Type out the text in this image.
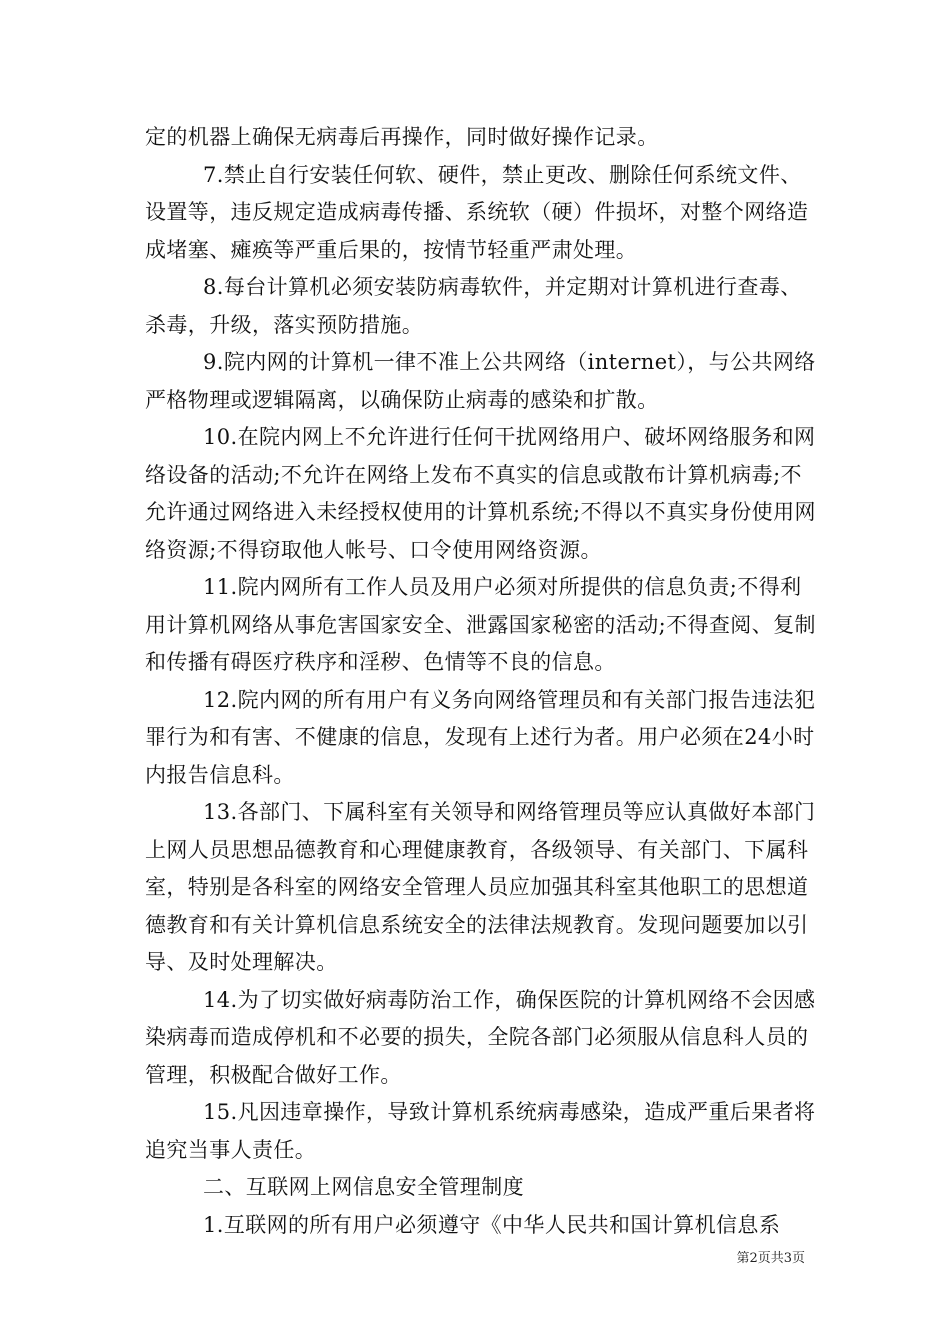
定的机器上确保无病毒后再操作，同时做好操作记录。

7.禁止自行安装任何软、硬件，禁止更改、删除任何系统文件、设置等，违反规定造成病毒传播、系统软（硬）件损坏，对整个网络造成堵塞、瘫痪等严重后果的，按情节轻重严肃处理。

8.每台计算机必须安装防病毒软件，并定期对计算机进行查毒、杀毒，升级，落实预防措施。

9.院内网的计算机一律不准上公共网络（internet），与公共网络严格物理或逻辑隔离，以确保防止病毒的感染和扩散。

10.在院内网上不允许进行任何干扰网络用户、破坏网络服务和网络设备的活动;不允许在网络上发布不真实的信息或散布计算机病毒;不允许通过网络进入未经授权使用的计算机系统;不得以不真实身份使用网络资源;不得窃取他人帐号、口令使用网络资源。

11.院内网所有工作人员及用户必须对所提供的信息负责;不得利用计算机网络从事危害国家安全、泄露国家秘密的活动;不得查阅、复制和传播有碍医疗秩序和淫秽、色情等不良的信息。

12.院内网的所有用户有义务向网络管理员和有关部门报告违法犯罪行为和有害、不健康的信息，发现有上述行为者。用户必须在24小时内报告信息科。

13.各部门、下属科室有关领导和网络管理员等应认真做好本部门上网人员思想品德教育和心理健康教育，各级领导、有关部门、下属科室，特别是各科室的网络安全管理人员应加强其科室其他职工的思想道德教育和有关计算机信息系统安全的法律法规教育。发现问题要加以引导、及时处理解决。

14.为了切实做好病毒防治工作，确保医院的计算机网络不会因感染病毒而造成停机和不必要的损失，全院各部门必须服从信息科人员的管理，积极配合做好工作。

15.凡因违章操作，导致计算机系统病毒感染，造成严重后果者将追究当事人责任。

二、互联网上网信息安全管理制度

1.互联网的所有用户必须遵守《中华人民共和国计算机信息系

第2页共3页
